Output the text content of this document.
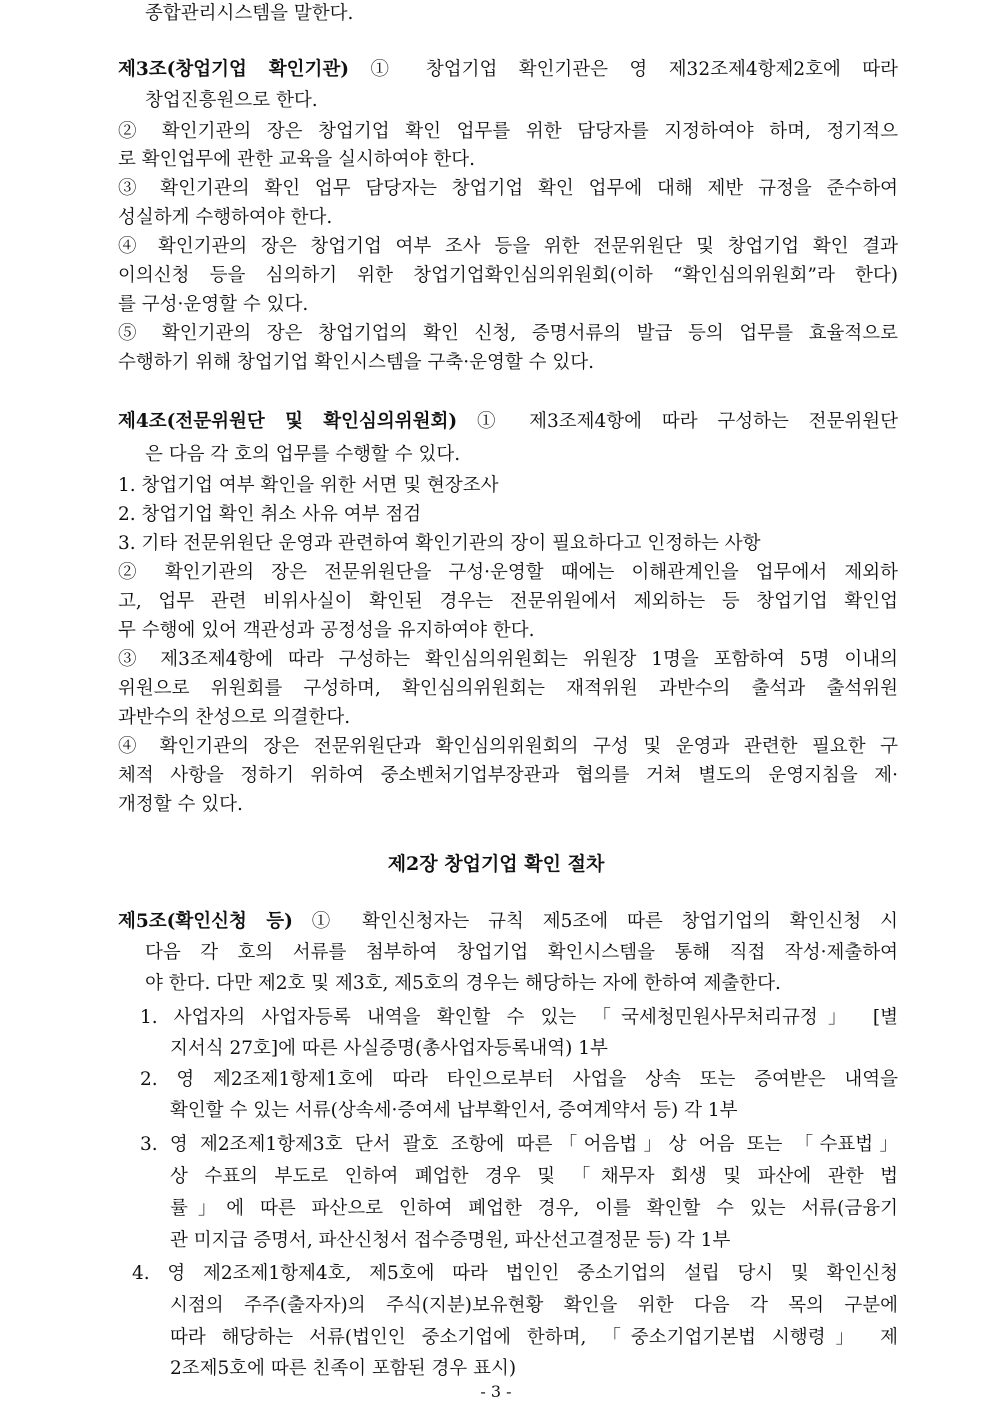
종합관리시스템을 말한다.
제3조(창업기업 확인기관) ① 창업기업 확인기관은 영 제32조제4항제2호에 따라
창업진흥원으로 한다.
② 확인기관의 장은 창업기업 확인 업무를 위한 담당자를 지정하여야 하며, 정기적으
로 확인업무에 관한 교육을 실시하여야 한다.
③ 확인기관의 확인 업무 담당자는 창업기업 확인 업무에 대해 제반 규정을 준수하여
성실하게 수행하여야 한다.
④ 확인기관의 장은 창업기업 여부 조사 등을 위한 전문위원단 및 창업기업 확인 결과
이의신청 등을 심의하기 위한 창업기업확인심의위원회(이하 “확인심의위원회”라 한다)
를 구성·운영할 수 있다.
⑤ 확인기관의 장은 창업기업의 확인 신청, 증명서류의 발급 등의 업무를 효율적으로
수행하기 위해 창업기업 확인시스템을 구축·운영할 수 있다.
제4조(전문위원단 및 확인심의위원회) ① 제3조제4항에 따라 구성하는 전문위원단
은 다음 각 호의 업무를 수행할 수 있다.
1. 창업기업 여부 확인을 위한 서면 및 현장조사
2. 창업기업 확인 취소 사유 여부 점검
3. 기타 전문위원단 운영과 관련하여 확인기관의 장이 필요하다고 인정하는 사항
② 확인기관의 장은 전문위원단을 구성·운영할 때에는 이해관계인을 업무에서 제외하
고, 업무 관련 비위사실이 확인된 경우는 전문위원에서 제외하는 등 창업기업 확인업
무 수행에 있어 객관성과 공정성을 유지하여야 한다.
③ 제3조제4항에 따라 구성하는 확인심의위원회는 위원장 1명을 포함하여 5명 이내의
위원으로 위원회를 구성하며, 확인심의위원회는 재적위원 과반수의 출석과 출석위원
과반수의 찬성으로 의결한다.
④ 확인기관의 장은 전문위원단과 확인심의위원회의 구성 및 운영과 관련한 필요한 구
체적 사항을 정하기 위하여 중소벤처기업부장관과 협의를 거쳐 별도의 운영지침을 제·
개정할 수 있다.
제2장 창업기업 확인 절차
제5조(확인신청 등) ① 확인신청자는 규칙 제5조에 따른 창업기업의 확인신청 시
다음 각 호의 서류를 첨부하여 창업기업 확인시스템을 통해 직접 작성·제출하여
야 한다. 다만 제2호 및 제3호, 제5호의 경우는 해당하는 자에 한하여 제출한다.
1. 사업자의 사업자등록 내역을 확인할 수 있는 「국세청민원사무처리규정」 [별
지서식 27호]에 따른 사실증명(총사업자등록내역) 1부
2. 영 제2조제1항제1호에 따라 타인으로부터 사업을 상속 또는 증여받은 내역을
확인할 수 있는 서류(상속세·증여세 납부확인서, 증여계약서 등) 각 1부
3. 영 제2조제1항제3호 단서 괄호 조항에 따른「어음법」상 어음 또는 「수표법」
상 수표의 부도로 인하여 폐업한 경우 및 「채무자 회생 및 파산에 관한 법
률」에 따른 파산으로 인하여 폐업한 경우, 이를 확인할 수 있는 서류(금융기
관 미지급 증명서, 파산신청서 접수증명원, 파산선고결정문 등) 각 1부
4. 영 제2조제1항제4호, 제5호에 따라 법인인 중소기업의 설립 당시 및 확인신청
시점의 주주(출자자)의 주식(지분)보유현황 확인을 위한 다음 각 목의 구분에
따라 해당하는 서류(법인인 중소기업에 한하며, 「중소기업기본법 시행령」 제
2조제5호에 따른 친족이 포함된 경우 표시)
- 3 -
